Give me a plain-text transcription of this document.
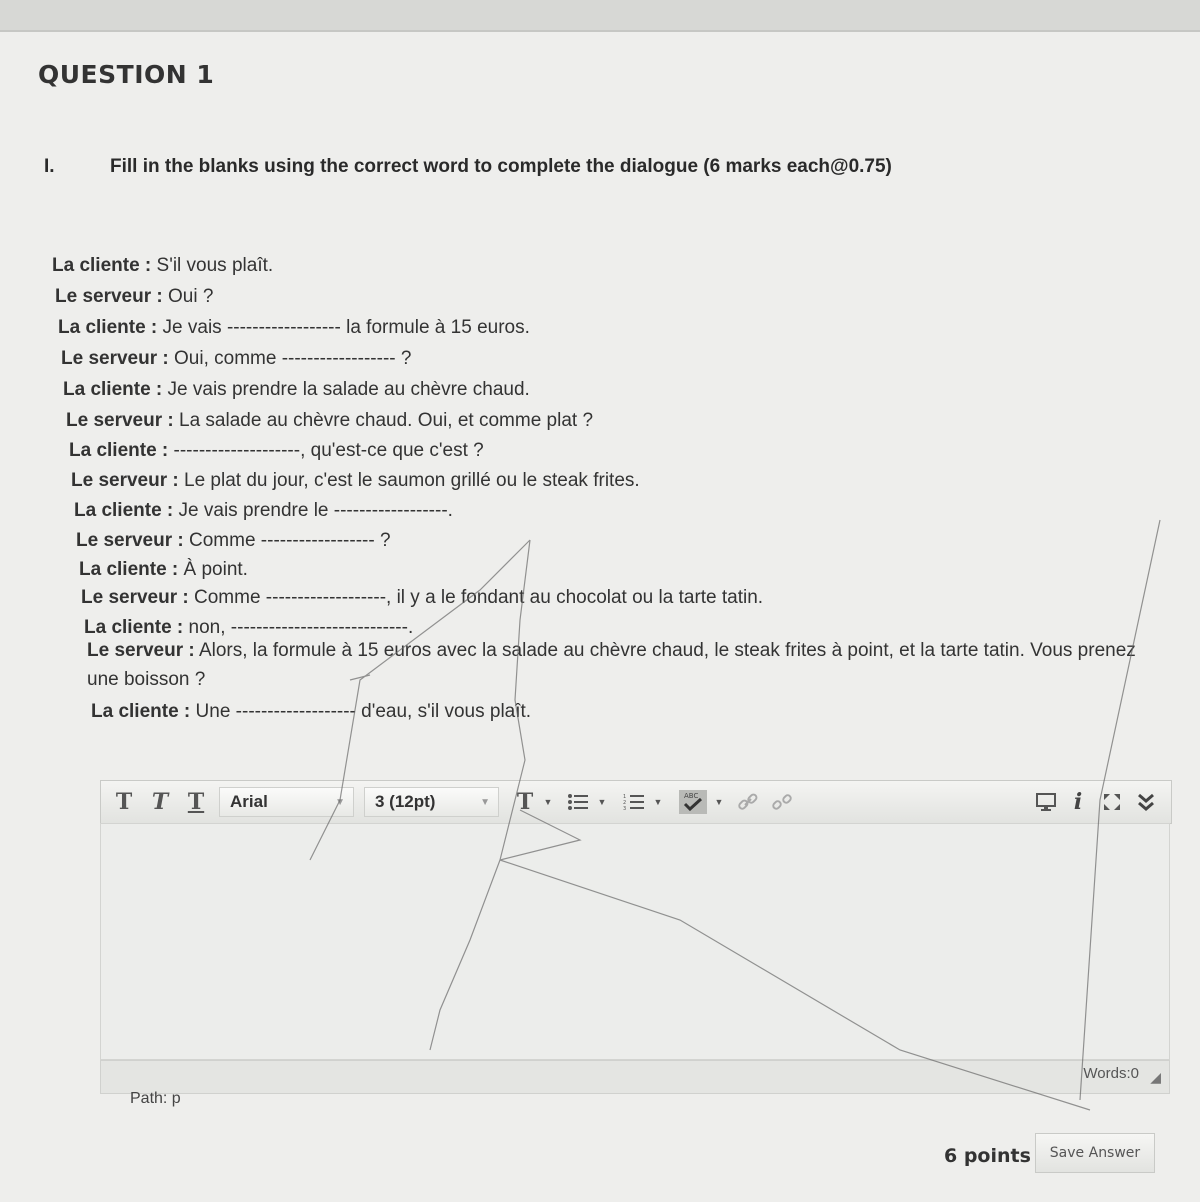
QUESTION 1
I.	Fill in the blanks using the correct word to complete the dialogue (6 marks each@0.75)
La cliente : S'il vous plaît.
Le serveur : Oui ?
La cliente : Je vais ------------------ la formule à 15 euros.
Le serveur : Oui, comme ------------------ ?
La cliente : Je vais prendre la salade au chèvre chaud.
Le serveur : La salade au chèvre chaud. Oui, et comme plat ?
La cliente : --------------------, qu'est-ce que c'est ?
Le serveur : Le plat du jour, c'est le saumon grillé ou le steak frites.
La cliente : Je vais prendre le ------------------.
Le serveur : Comme ------------------ ?
La cliente : À point.
Le serveur : Comme -------------------, il y a le fondant au chocolat ou la tarte tatin.
La cliente : non, ----------------------------.
Le serveur : Alors, la formule à 15 euros avec la salade au chèvre chaud, le steak frites à point, et la tarte tatin. Vous prenez une boisson ?
La cliente : Une ------------------- d'eau, s'il vous plaît.
T T T Arial	▼ 3 (12pt)	▼ T	▼	▼	1
2
3
▼
ABC
▼	i
Words:0 ◢
Path: p
6 points	Save Answer
